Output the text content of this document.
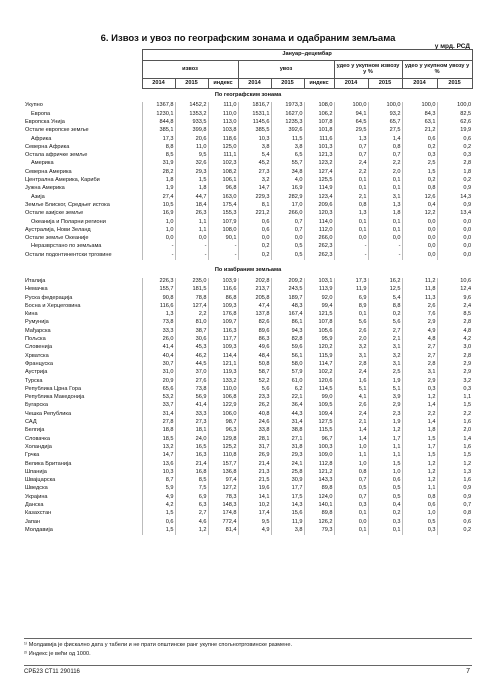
6. Извоз и увоз по географским зонама и одабраним земљама
у мрд. РСД
	Јануар–децембар									
	извоз			увоз			удео у укупном извозу у %		удео у укупном увозу у %	
	2014	2015	индекс	2014	2015	индекс	2014	2015	2014	2015
По географским зонама										
Укупно	1367,8	1452,2	111,0	1816,7	1973,3	108,0	100,0	100,0	100,0	100,0
Европа	1230,1	1353,2	110,0	1531,1	1627,0	106,2	94,1	93,2	84,3	82,5
Европска Унија	844,8	933,5	113,0	1145,6	1235,3	107,8	64,5	65,7	63,1	62,6
Остале европске земље	385,1	399,8	103,8	385,5	392,6	101,8	29,5	27,5	21,2	19,9
Африка	17,3	20,6	118,6	10,3	11,5	111,6	1,3	1,4	0,6	0,6
Северна Африка	8,8	11,0	125,0	3,8	3,8	101,3	0,7	0,8	0,2	0,2
Остала афричке земље	8,5	9,5	111,1	5,4	6,5	121,3	0,7	0,7	0,3	0,3
Америка	31,9	32,6	102,3	45,2	55,7	123,2	2,4	2,2	2,5	2,8
Северна Америка	28,2	29,3	108,2	27,3	34,8	127,4	2,2	2,0	1,5	1,8
Централна Америка, Кариби	1,8	1,5	106,1	3,2	4,0	125,5	0,1	0,1	0,2	0,2
Јужна Америка	1,9	1,8	96,8	14,7	16,9	114,9	0,1	0,1	0,8	0,9
Азија	27,4	44,7	163,0	229,3	282,9	123,4	2,1	3,1	12,6	14,3
Земље Блиског, Средњег истока	10,5	18,4	175,4	8,1	17,0	209,6	0,8	1,3	0,4	0,9
Остале азијске земље	16,9	26,3	155,3	221,2	266,0	120,3	1,3	1,8	12,2	13,4
Океанија и Поларни региони	1,0	1,1	107,9	0,6	0,7	114,0	0,1	0,1	0,0	0,0
Аустралија, Нови Зеланд	1,0	1,1	108,0	0,6	0,7	112,0	0,1	0,1	0,0	0,0
Остале земље Океаније	0,0	0,0	90,1	0,0	0,0	266,0	0,0	0,0	0,0	0,0
Неразврстано по земљама	-	-	-	0,2	0,5	262,3	-	-	0,0	0,0
Остали подонтинентски трговине	-	-	-	0,2	0,5	262,3	-	-	0,0	0,0

По изабраним земљама										
Италија	226,3	235,0	103,9	202,8	209,2	103,1	17,3	16,2	11,2	10,6
Немачка	155,7	181,5	116,6	213,7	243,5	113,9	11,9	12,5	11,8	12,4
Руска федерација	90,8	78,8	86,8	205,8	189,7	92,0	6,9	5,4	11,3	9,6
Босна и Херцеговина	116,6	127,4	109,3	47,4	48,3	99,4	8,9	8,8	2,6	2,4
Кина	1,3	2,2	176,8	137,8	167,4	121,5	0,1	0,2	7,6	8,5
Румунија	73,8	81,0	109,7	82,6	86,1	107,8	5,6	5,6	2,9	2,8
Мађарска	33,3	38,7	116,3	89,6	94,3	105,6	2,6	2,7	4,9	4,8
Пољска	26,0	30,6	117,7	86,3	82,8	95,9	2,0	2,1	4,8	4,2
Словенија	41,4	45,3	109,3	49,6	59,6	120,2	3,2	3,1	2,7	3,0
Хрватска	40,4	46,2	114,4	48,4	56,1	115,9	3,1	3,2	2,7	2,8
Француска	30,7	44,5	121,1	50,8	58,0	114,7	2,8	3,1	2,8	2,9
Аустрија	31,0	37,0	119,3	58,7	57,9	102,2	2,4	2,5	3,1	2,9
Турска	20,9	27,6	133,2	52,2	61,0	120,6	1,6	1,9	2,9	3,2
Република Црна Гора	65,6	73,8	110,0	5,6	6,2	114,5	5,1	5,1	0,3	0,3
Република Македонија	53,2	56,9	106,8	23,3	22,1	99,0	4,1	3,9	1,2	1,1
Бугарска	33,7	41,4	122,9	26,2	36,4	109,5	2,6	2,9	1,4	1,5
Чешка Република	31,4	33,3	106,0	40,8	44,3	109,4	2,4	2,3	2,2	2,2
САД	27,8	27,3	98,7	24,6	31,4	127,5	2,1	1,9	1,4	1,6
Белгија	18,8	18,1	96,3	33,8	38,8	115,5	1,4	1,2	1,8	2,0
Словачка	18,5	24,0	129,8	28,1	27,1	96,7	1,4	1,7	1,5	1,4
Холандија	13,2	16,5	125,2	31,7	31,8	100,3	1,0	1,1	1,7	1,6
Грчка	14,7	16,3	110,8	26,9	29,3	109,0	1,1	1,1	1,5	1,5
Велика Британија	13,6	21,4	157,7	21,4	24,1	112,8	1,0	1,5	1,2	1,2
Шпанија	10,3	16,8	136,8	21,3	25,8	121,2	0,8	1,0	1,2	1,3
Швајцарска	8,7	8,5	97,4	21,5	30,9	143,3	0,7	0,6	1,2	1,6
Шведска	5,9	7,5	127,2	19,6	17,7	89,8	0,5	0,5	1,1	0,9
Украјина	4,9	6,9	78,3	14,1	17,5	124,0	0,7	0,5	0,8	0,9
Данска	4,2	6,3	148,3	10,2	14,3	140,1	0,3	0,4	0,6	0,7
Казахстан	1,5	2,7	174,8	17,4	15,6	89,8	0,1	0,2	1,0	0,8
Јапан	0,6	4,6	772,4	9,5	11,9	126,2	0,0	0,3	0,5	0,6
Молдавија	1,5	1,2	81,4	4,9	3,8	79,3	0,1	0,1	0,3	0,2
¹⁾ Молдавија је фискално дата у табели и не прати општинске ранг укупне спољнотрговинске размене.
²⁾ Индекс је већи од 1000.
СРБ23 СТ11 290116	7
